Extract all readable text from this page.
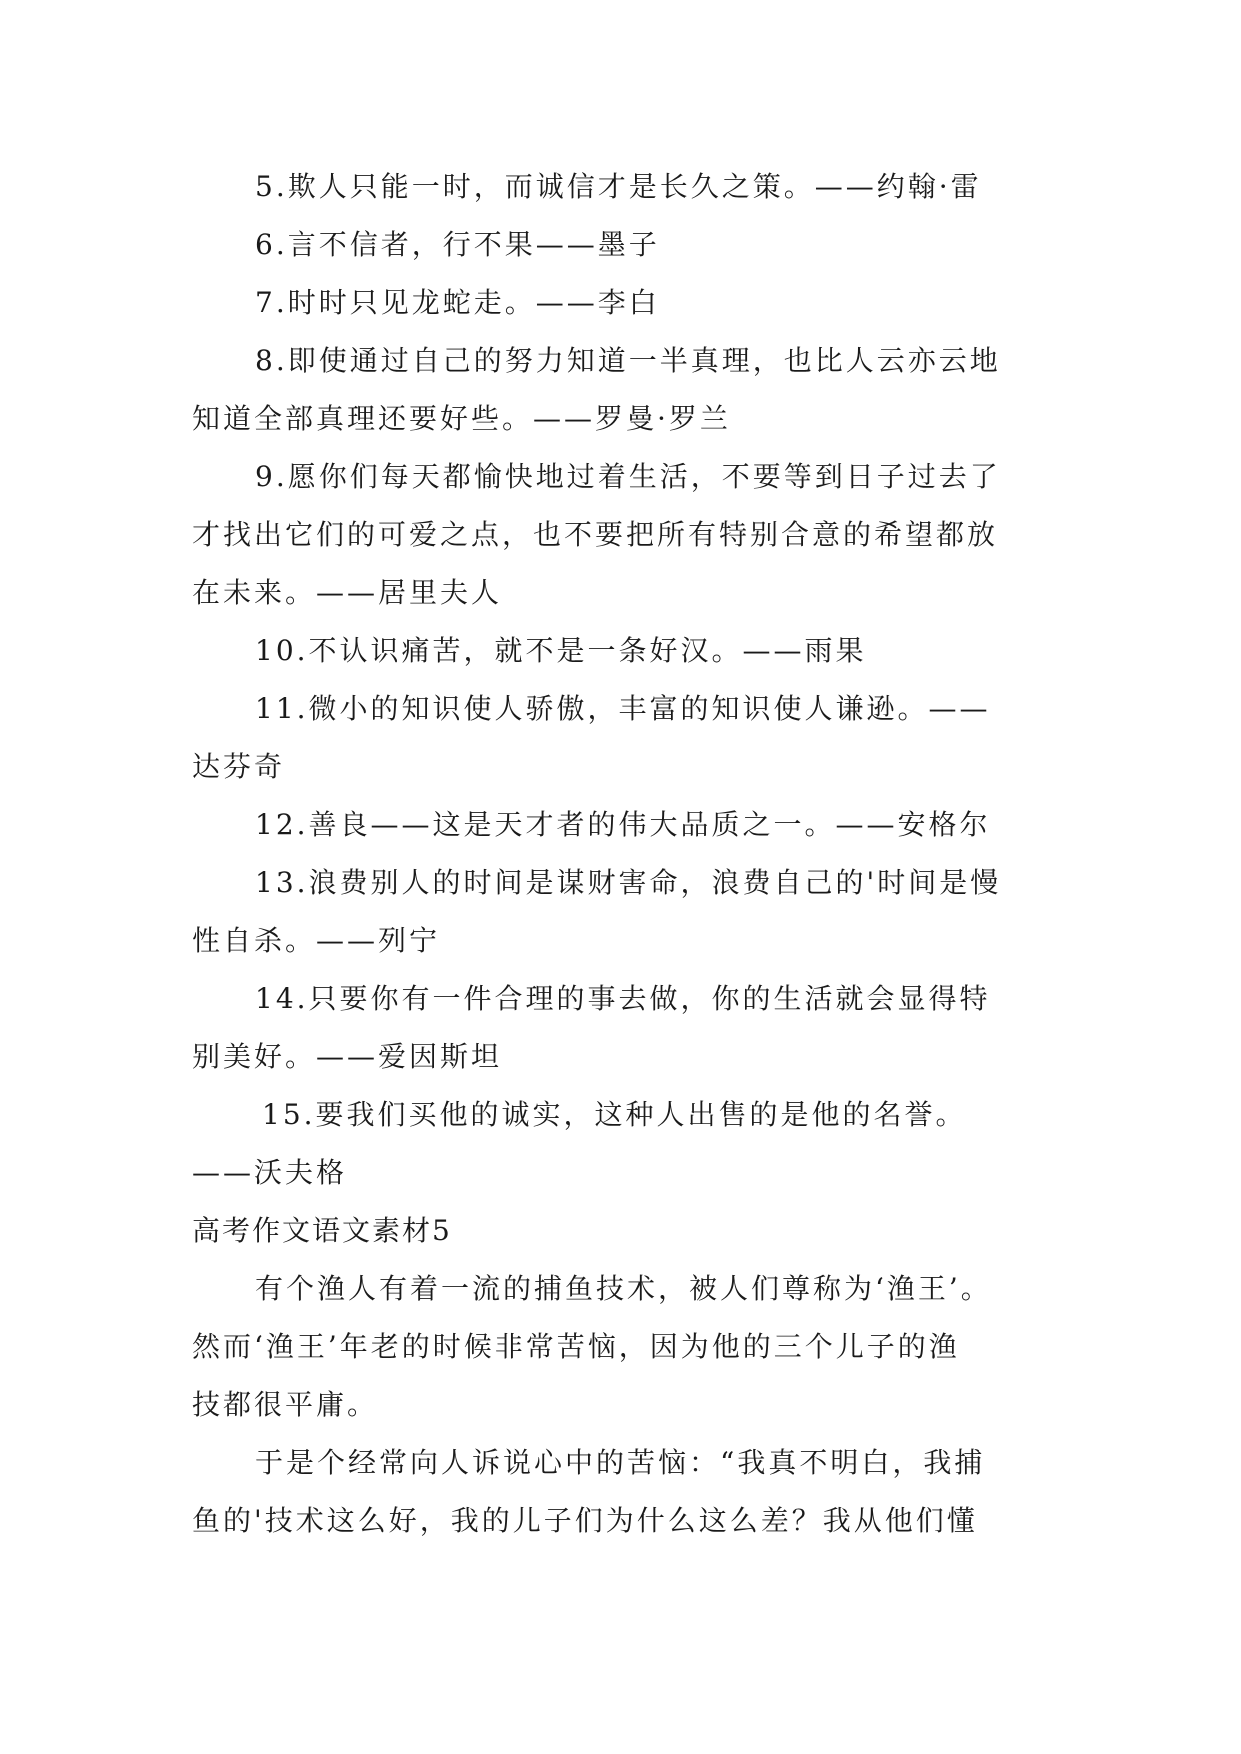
5.欺人只能一时，而诚信才是长久之策。——约翰·雷
6.言不信者，行不果——墨子
7.时时只见龙蛇走。——李白
8.即使通过自己的努力知道一半真理，也比人云亦云地
知道全部真理还要好些。——罗曼·罗兰
9.愿你们每天都愉快地过着生活，不要等到日子过去了
才找出它们的可爱之点，也不要把所有特别合意的希望都放
在未来。——居里夫人
10.不认识痛苦，就不是一条好汉。——雨果
11.微小的知识使人骄傲，丰富的知识使人谦逊。——
达芬奇
12.善良——这是天才者的伟大品质之一。——安格尔
13.浪费别人的时间是谋财害命，浪费自己的'时间是慢
性自杀。——列宁
14.只要你有一件合理的事去做，你的生活就会显得特
别美好。——爱因斯坦
15.要我们买他的诚实，这种人出售的是他的名誉。
——沃夫格
高考作文语文素材5
有个渔人有着一流的捕鱼技术，被人们尊称为‘渔王’。
然而‘渔王’年老的时候非常苦恼，因为他的三个儿子的渔
技都很平庸。
于是个经常向人诉说心中的苦恼：“我真不明白，我捕
鱼的'技术这么好，我的儿子们为什么这么差？我从他们懂
